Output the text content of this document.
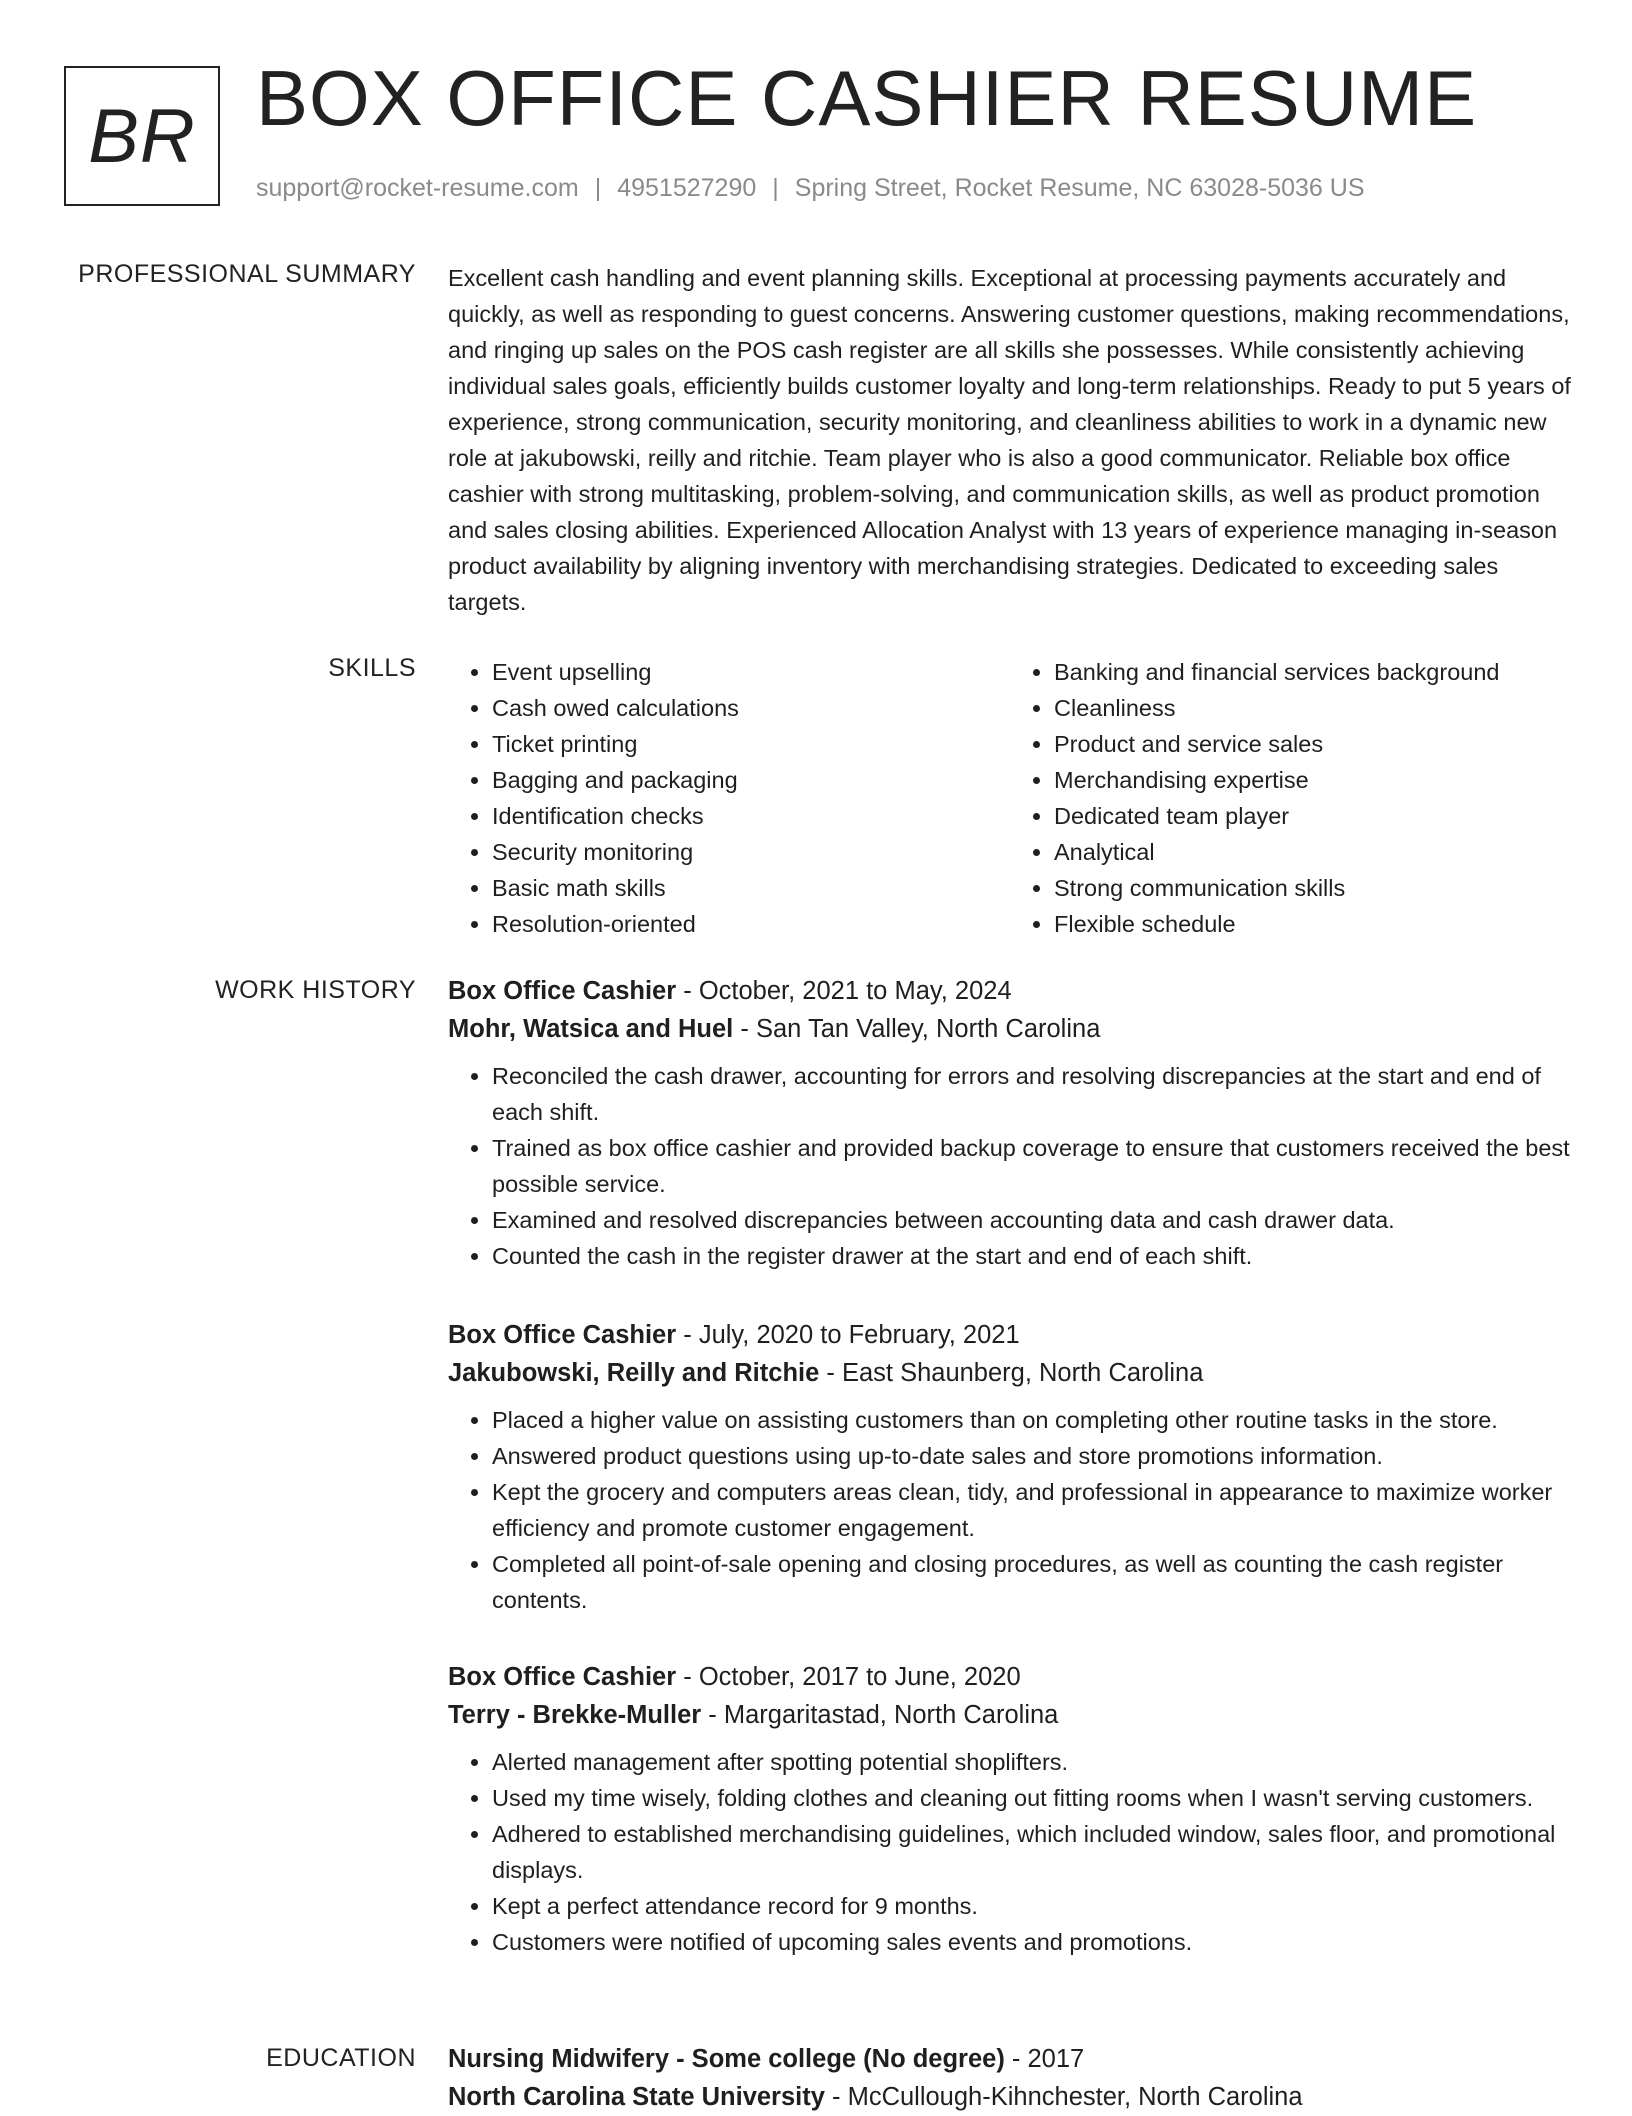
BR BOX OFFICE CASHIER RESUME
support@rocket-resume.com | 4951527290 | Spring Street, Rocket Resume, NC 63028-5036 US
PROFESSIONAL SUMMARY Excellent cash handling and event planning skills. Exceptional at processing payments accurately and quickly, as well as responding to guest concerns. Answering customer questions, making recommendations, and ringing up sales on the POS cash register are all skills she possesses. While consistently achieving individual sales goals, efficiently builds customer loyalty and long-term relationships. Ready to put 5 years of experience, strong communication, security monitoring, and cleanliness abilities to work in a dynamic new role at jakubowski, reilly and ritchie. Team player who is also a good communicator. Reliable box office cashier with strong multitasking, problem-solving, and communication skills, as well as product promotion and sales closing abilities. Experienced Allocation Analyst with 13 years of experience managing in-season product availability by aligning inventory with merchandising strategies. Dedicated to exceeding sales targets.

SKILLS
•	Event upselling
• Cash owed calculations
• Ticket printing
• Bagging and packaging
• Identification checks
• Security monitoring
• Basic math skills
• Resolution-oriented
• Banking and financial services background
• Cleanliness
• Product and service sales
• Merchandising expertise
• Dedicated team player
• Analytical
• Strong communication skills
• Flexible schedule
WORK HISTORY Box Office Cashier - October, 2021 to May, 2024
Mohr, Watsica and Huel - San Tan Valley, North Carolina
• Reconciled the cash drawer, accounting for errors and resolving discrepancies at the start and end of each shift.
• Trained as box office cashier and provided backup coverage to ensure that customers received the best possible service.
• Examined and resolved discrepancies between accounting data and cash drawer data.
• Counted the cash in the register drawer at the start and end of each shift.
Box Office Cashier - July, 2020 to February, 2021
Jakubowski, Reilly and Ritchie - East Shaunberg, North Carolina
• Placed a higher value on assisting customers than on completing other routine tasks in the store.
• Answered product questions using up-to-date sales and store promotions information.
• Kept the grocery and computers areas clean, tidy, and professional in appearance to maximize worker efficiency and promote customer engagement.
• Completed all point-of-sale opening and closing procedures, as well as counting the cash register contents.
Box Office Cashier - October, 2017 to June, 2020
Terry - Brekke-Muller - Margaritastad, North Carolina
• Alerted management after spotting potential shoplifters.
• Used my time wisely, folding clothes and cleaning out fitting rooms when I wasn't serving customers.
• Adhered to established merchandising guidelines, which included window, sales floor, and promotional displays.
• Kept a perfect attendance record for 9 months.
• Customers were notified of upcoming sales events and promotions.
EDUCATION Nursing Midwifery - Some college (No degree) - 2017
North Carolina State University - McCullough-Kihnchester, North Carolina
